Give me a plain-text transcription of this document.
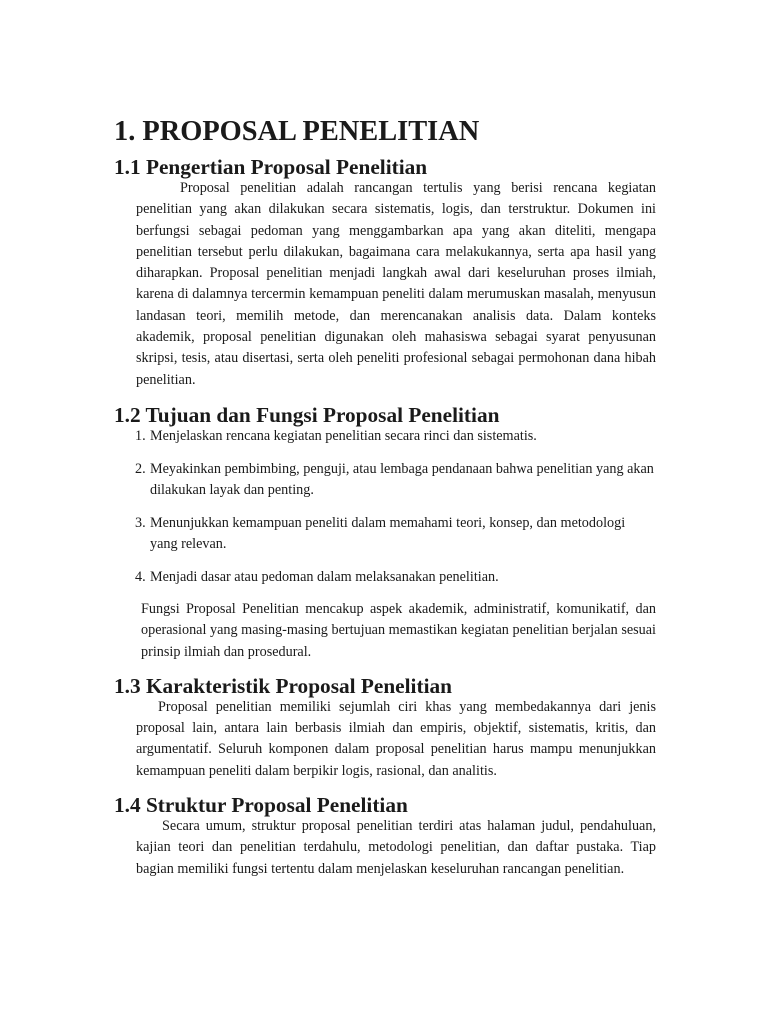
1. PROPOSAL PENELITIAN
1.1 Pengertian Proposal Penelitian

Proposal penelitian adalah rancangan tertulis yang berisi rencana kegiatan penelitian yang akan dilakukan secara sistematis, logis, dan terstruktur. Dokumen ini berfungsi sebagai pedoman yang menggambarkan apa yang akan diteliti, mengapa penelitian tersebut perlu dilakukan, bagaimana cara melakukannya, serta apa hasil yang diharapkan. Proposal penelitian menjadi langkah awal dari keseluruhan proses ilmiah, karena di dalamnya tercermin kemampuan peneliti dalam merumuskan masalah, menyusun landasan teori, memilih metode, dan merencanakan analisis data. Dalam konteks akademik, proposal penelitian digunakan oleh mahasiswa sebagai syarat penyusunan skripsi, tesis, atau disertasi, serta oleh peneliti profesional sebagai permohonan dana hibah penelitian.

1.2 Tujuan dan Fungsi Proposal Penelitian
1. Menjelaskan rencana kegiatan penelitian secara rinci dan sistematis.
2. Meyakinkan pembimbing, penguji, atau lembaga pendanaan bahwa penelitian yang akan dilakukan layak dan penting.
3. Menunjukkan kemampuan peneliti dalam memahami teori, konsep, dan metodologi yang relevan.
4. Menjadi dasar atau pedoman dalam melaksanakan penelitian.

Fungsi Proposal Penelitian mencakup aspek akademik, administratif, komunikatif, dan operasional yang masing-masing bertujuan memastikan kegiatan penelitian berjalan sesuai prinsip ilmiah dan prosedural.

1.3 Karakteristik Proposal Penelitian

Proposal penelitian memiliki sejumlah ciri khas yang membedakannya dari jenis proposal lain, antara lain berbasis ilmiah dan empiris, objektif, sistematis, kritis, dan argumentatif. Seluruh komponen dalam proposal penelitian harus mampu menunjukkan kemampuan peneliti dalam berpikir logis, rasional, dan analitis.

1.4 Struktur Proposal Penelitian

Secara umum, struktur proposal penelitian terdiri atas halaman judul, pendahuluan, kajian teori dan penelitian terdahulu, metodologi penelitian, dan daftar pustaka. Tiap bagian memiliki fungsi tertentu dalam menjelaskan keseluruhan rancangan penelitian.
